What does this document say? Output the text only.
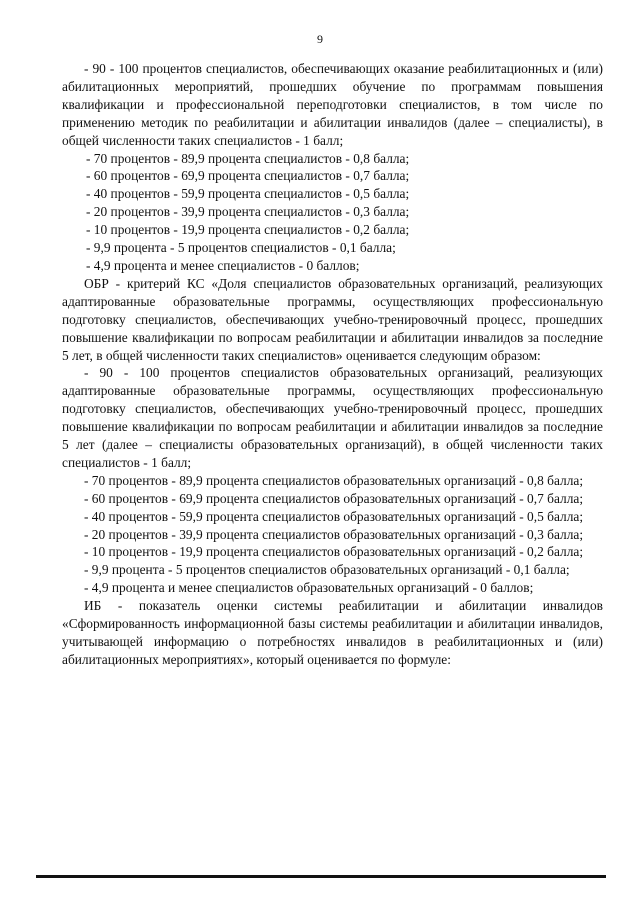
9

- 90 - 100 процентов специалистов, обеспечивающих оказание реабилитационных и (или) абилитационных мероприятий, прошедших обучение по программам повышения квалификации и профессиональной переподготовки специалистов, в том числе по применению методик по реабилитации и абилитации инвалидов (далее – специалисты), в общей численности таких специалистов - 1 балл;

- 70 процентов - 89,9 процента специалистов - 0,8 балла;

- 60 процентов - 69,9 процента специалистов - 0,7 балла;

- 40 процентов - 59,9 процента специалистов - 0,5 балла;

- 20 процентов - 39,9 процента специалистов - 0,3 балла;

- 10 процентов - 19,9 процента специалистов - 0,2 балла;

- 9,9 процента - 5 процентов специалистов - 0,1 балла;

- 4,9 процента и менее специалистов - 0 баллов;

ОБР - критерий КС «Доля специалистов образовательных организаций, реализующих адаптированные образовательные программы, осуществляющих профессиональную подготовку специалистов, обеспечивающих учебно-тренировочный процесс, прошедших повышение квалификации по вопросам реабилитации и абилитации инвалидов за последние 5 лет, в общей численности таких специалистов» оценивается следующим образом:

- 90 - 100 процентов специалистов образовательных организаций, реализующих адаптированные образовательные программы, осуществляющих профессиональную подготовку специалистов, обеспечивающих учебно-тренировочный процесс, прошедших повышение квалификации по вопросам реабилитации и абилитации инвалидов за последние 5 лет (далее – специалисты образовательных организаций), в общей численности таких специалистов - 1 балл;

- 70 процентов - 89,9 процента специалистов образовательных организаций - 0,8 балла;

- 60 процентов - 69,9 процента специалистов образовательных организаций - 0,7 балла;

- 40 процентов - 59,9 процента специалистов образовательных организаций - 0,5 балла;

- 20 процентов - 39,9 процента специалистов образовательных организаций - 0,3 балла;

- 10 процентов - 19,9 процента специалистов образовательных организаций - 0,2 балла;

- 9,9 процента - 5 процентов специалистов образовательных организаций - 0,1 балла;

- 4,9 процента и менее специалистов образовательных организаций - 0 баллов;

ИБ - показатель оценки системы реабилитации и абилитации инвалидов «Сформированность информационной базы системы реабилитации и абилитации инвалидов, учитывающей информацию о потребностях инвалидов в реабилитационных и (или) абилитационных мероприятиях», который оценивается по формуле:
